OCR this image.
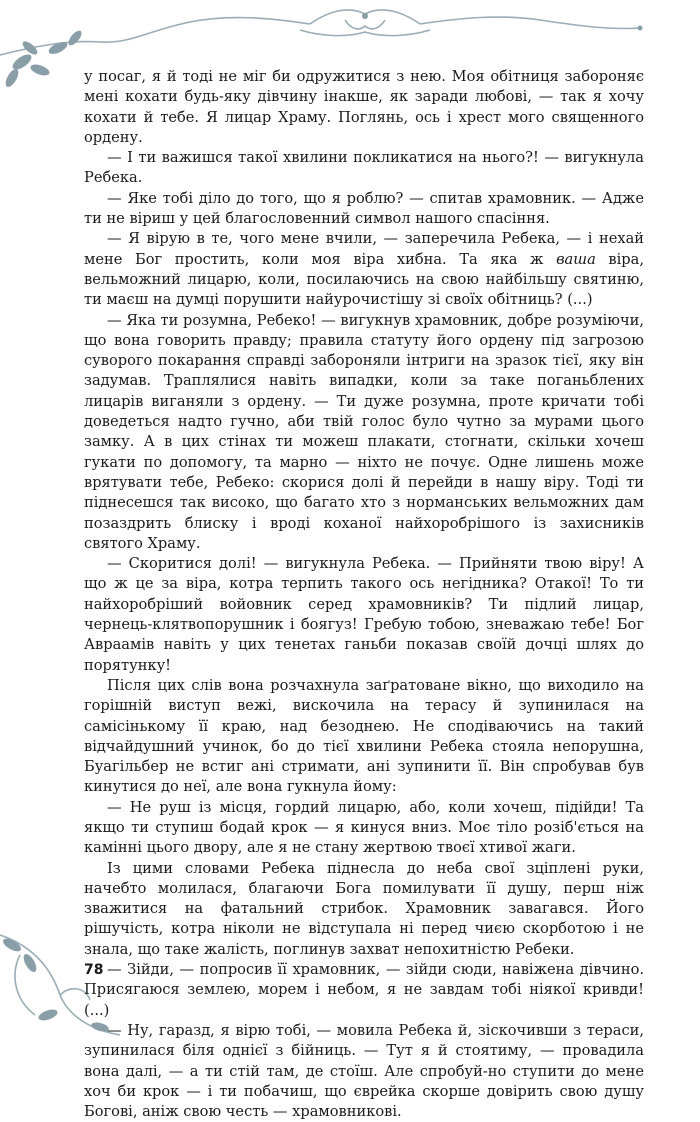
у посаг, я й тоді не міг би одружитися з нею. Моя обітниця забороняє мені кохати будь-яку дівчину інакше, як заради любові, — так я хочу кохати й тебе. Я лицар Храму. Поглянь, ось і хрест мого священного ордену.

— І ти важишся такої хвилини покликатися на нього?! — вигукнула Ребека.

— Яке тобі діло до того, що я роблю? — спитав храмовник. — Адже ти не віриш у цей благословенний символ нашого спасіння.

— Я вірую в те, чого мене вчили, — заперечила Ребека, — і нехай мене Бог простить, коли моя віра хибна. Та яка ж ваша віра, вельможний лицарю, коли, посилаючись на свою найбільшу святиню, ти маєш на думці порушити найурочистішу зі своїх обітниць? (...)

— Яка ти розумна, Ребеко! — вигукнув храмовник, добре розуміючи, що вона говорить правду; правила статуту його ордену під загрозою суворого покарання справді забороняли інтриги на зразок тієї, яку він задумав. Траплялися навіть випадки, коли за таке поганьблених лицарів виганяли з ордену. — Ти дуже розумна, проте кричати тобі доведеться надто гучно, аби твій голос було чутно за мурами цього замку. А в цих стінах ти можеш плакати, стогнати, скільки хочеш гукати по допомогу, та марно — ніхто не почує. Одне лишень може врятувати тебе, Ребеко: скорися долі й перейди в нашу віру. Тоді ти піднесешся так високо, що багато хто з норманських вельможних дам позаздрить блиску і вроді коханої найхоробрішого із захисників святого Храму.

— Скоритися долі! — вигукнула Ребека. — Прийняти твою віру! А що ж це за віра, котра терпить такого ось негідника? Отакої! То ти найхоробріший войовник серед храмовників? Ти підлий лицар, чернець-клятвопорушник і боягуз! Гребую тобою, зневажаю тебе! Бог Авраамів навіть у цих тенетах ганьби показав своїй дочці шлях до порятунку!

Після цих слів вона розчахнула заґратоване вікно, що виходило на горішній виступ вежі, вискочила на терасу й зупинилася на самісінькому її краю, над безоднею. Не сподіваючись на такий відчайдушний учинок, бо до тієї хвилини Ребека стояла непорушна, Буагільбер не встиг ані стримати, ані зупинити її. Він спробував був кинутися до неї, але вона гукнула йому:

— Не руш із місця, гордий лицарю, або, коли хочеш, підійди! Та якщо ти ступиш бодай крок — я кинуся вниз. Моє тіло розіб'ється на камінні цього двору, але я не стану жертвою твоєї хтивої жаги.

Із цими словами Ребека піднесла до неба свої зціплені руки, начебто молилася, благаючи Бога помилувати її душу, перш ніж зважитися на фатальний стрибок. Храмовник завагався. Його рішучість, котра ніколи не відступала ні перед чиєю скорботою і не знала, що таке жалість, поглинув захват непохитністю Ребеки.

— Зійди, — попросив її храмовник, — зійди сюди, навіжена дівчино. Присягаюся землею, морем і небом, я не завдам тобі ніякої кривди! (...)

— Ну, гаразд, я вірю тобі, — мовила Ребека й, зіскочивши з тераси, зупинилася біля однієї з бійниць. — Тут я й стоятиму, — провадила вона далі, — а ти стій там, де стоїш. Але спробуй-но ступити до мене хоч би крок — і ти побачиш, що єврейка скорше довірить свою душу Богові, аніж свою честь — храмовникові.

78
